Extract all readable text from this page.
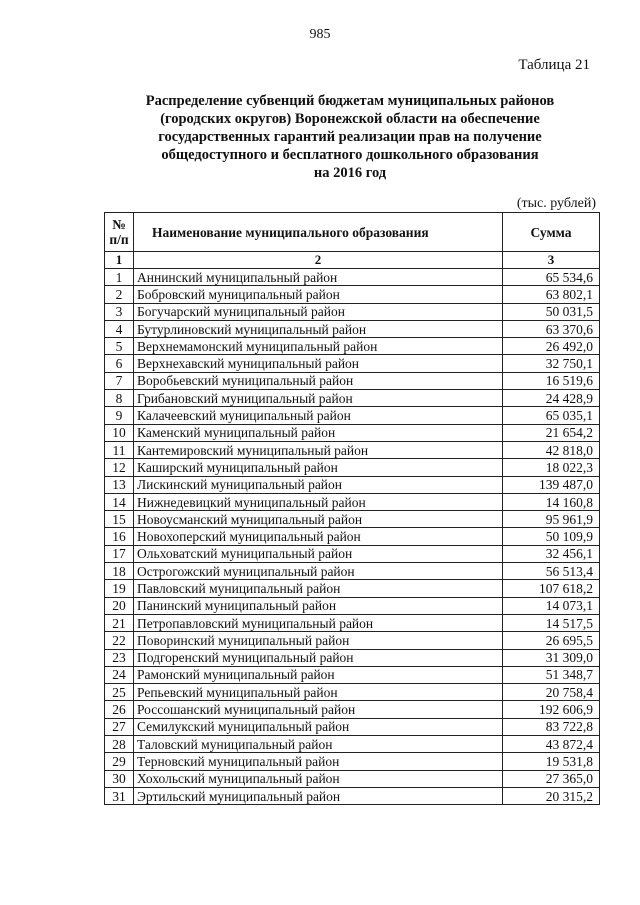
985
Таблица 21
Распределение субвенций бюджетам муниципальных районов
(городских округов) Воронежской области на обеспечение
государственных гарантий реализации прав на получение
общедоступного и бесплатного дошкольного образования
на 2016 год
(тыс. рублей)
№ п/п	Наименование муниципального образования	Сумма
1	2	3
1	Аннинский муниципальный район	65 534,6
2	Бобровский муниципальный район	63 802,1
3	Богучарский муниципальный район	50 031,5
4	Бутурлиновский муниципальный район	63 370,6
5	Верхнемамонский муниципальный район	26 492,0
6	Верхнехавский муниципальный район	32 750,1
7	Воробьевский муниципальный район	16 519,6
8	Грибановский муниципальный район	24 428,9
9	Калачеевский муниципальный район	65 035,1
10	Каменский муниципальный район	21 654,2
11	Кантемировский муниципальный район	42 818,0
12	Каширский муниципальный район	18 022,3
13	Лискинский муниципальный район	139 487,0
14	Нижнедевицкий муниципальный район	14 160,8
15	Новоусманский муниципальный район	95 961,9
16	Новохоперский муниципальный район	50 109,9
17	Ольховатский муниципальный район	32 456,1
18	Острогожский муниципальный район	56 513,4
19	Павловский муниципальный район	107 618,2
20	Панинский муниципальный район	14 073,1
21	Петропавловский муниципальный район	14 517,5
22	Поворинский муниципальный район	26 695,5
23	Подгоренский муниципальный район	31 309,0
24	Рамонский муниципальный район	51 348,7
25	Репьевский муниципальный район	20 758,4
26	Россошанский муниципальный район	192 606,9
27	Семилукский муниципальный район	83 722,8
28	Таловский муниципальный район	43 872,4
29	Терновский муниципальный район	19 531,8
30	Хохольский муниципальный район	27 365,0
31	Эртильский муниципальный район	20 315,2
